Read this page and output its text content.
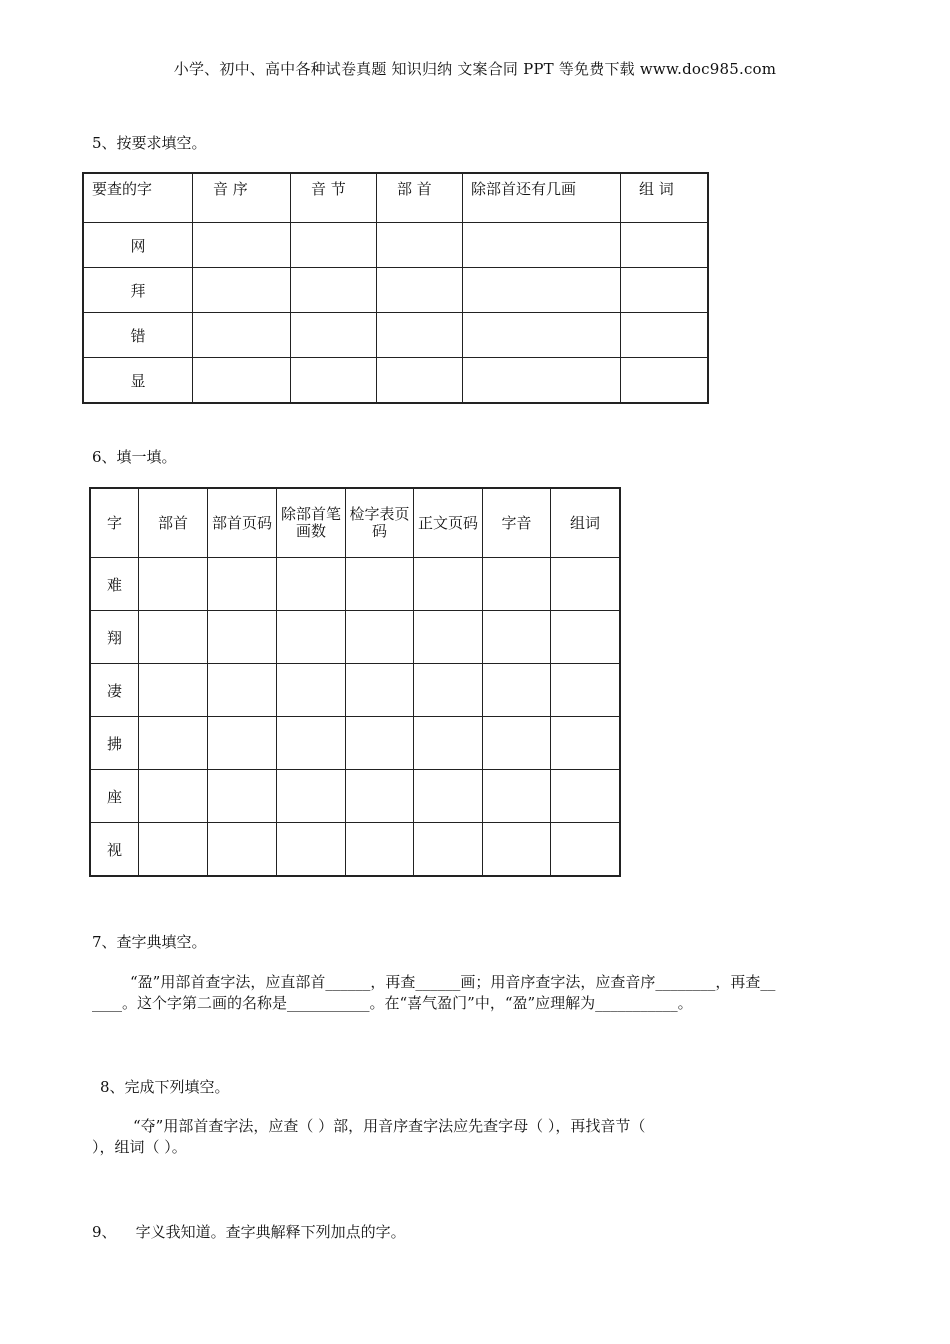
小学、初中、高中各种试卷真题 知识归纳 文案合同 PPT 等免费下载 www.doc985.com
5、按要求填空。
要查的字	音 序	音 节	部 首	除部首还有几画	组 词
网					
拜					
错					
显					
6、填一填。
字	部首	部首页码	除部首笔画数	检字表页码	正文页码	字音	组词
难							
翔							
凄							
拂							
座							
视							
7、查字典填空。
“盈”用部首查字法，应直部首______，再查______画；用音序查字法，应查音序________，再查__
____。这个字第二画的名称是___________。在“喜气盈门”中，“盈”应理解为___________。
8、完成下列填空。
“夺”用部首查字法，应查（ ）部，用音序查字法应先查字母（ ），再找音节（
），组词（ ）。
9、    字义我知道。查字典解释下列加点的字。
